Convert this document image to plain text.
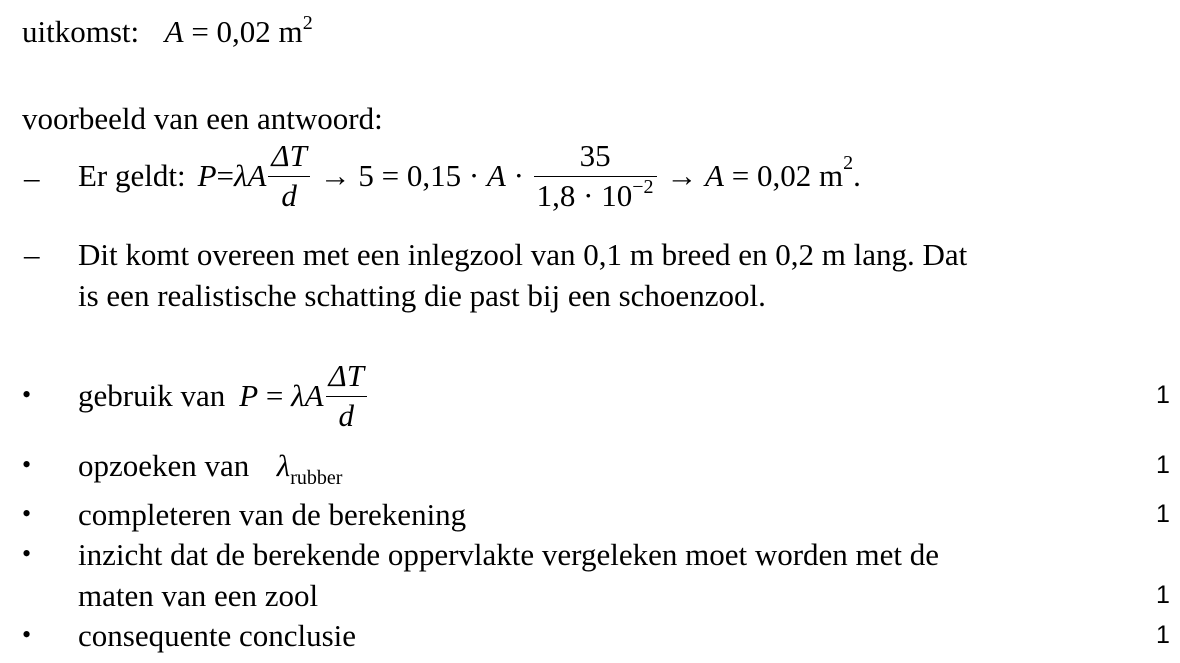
uitkomst: A = 0,02 $m^2$
voorbeeld van een antwoord:
– Er geldt: P = λ A $\frac{\Delta T}{d} \to 5 = 0,15 \cdot A \cdot \frac{35}{1,8 \cdot 10^{-2}} \to A = 0,02$ m 2 .
– Dit komt overeen met een inlegzool van 0,1 m breed en 0,2 m lang. Dat
is een realistische schatting die past bij een schoenzool.
• gebruik van P = λ A $\frac{\Delta T}{d}$	1
• opzoeken van $\lambda_{rubber}$	1
• completeren van de berekening	1
• inzicht dat de berekende oppervlakte vergeleken moet worden met de
maten van een zool	1
• consequente conclusie	1
